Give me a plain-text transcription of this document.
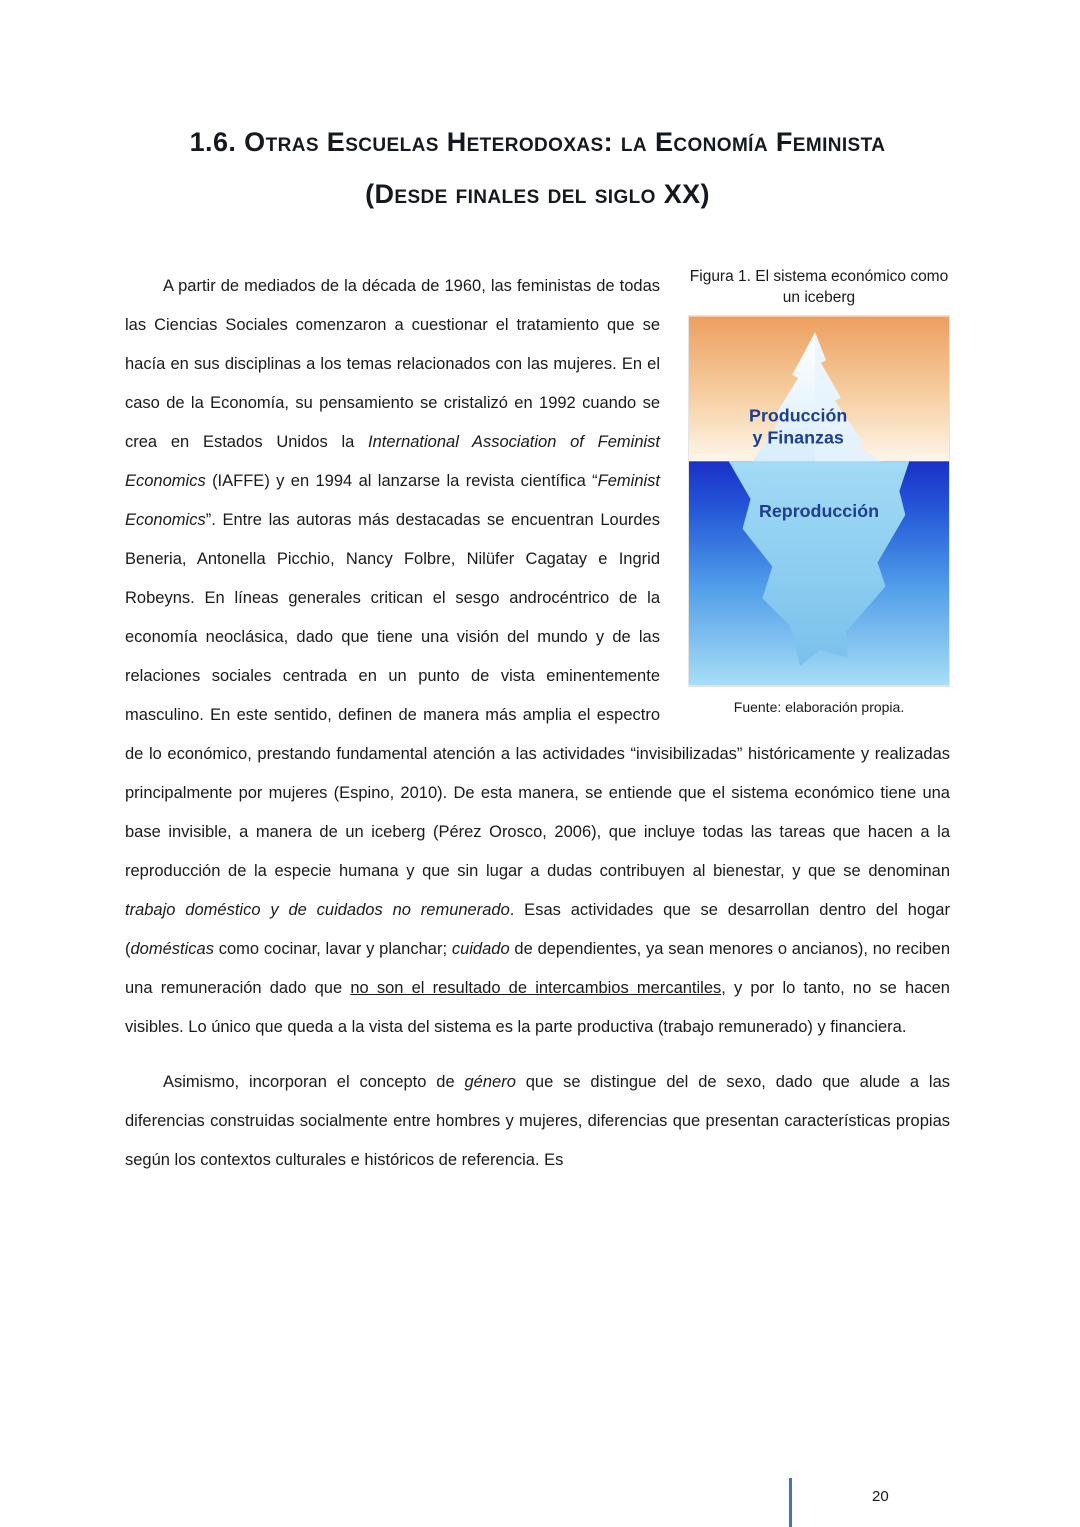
1.6. Otras Escuelas Heterodoxas: la Economía Feminista
(Desde finales del siglo XX)
Figura 1. El sistema económico como un iceberg
Producción
y Finanzas
Reproducción
Fuente: elaboración propia.

A partir de mediados de la década de 1960, las feministas de todas las Ciencias Sociales comenzaron a cuestionar el tratamiento que se hacía en sus disciplinas a los temas relacionados con las mujeres. En el caso de la Economía, su pensamiento se cristalizó en 1992 cuando se crea en Estados Unidos la International Association of Feminist Economics (IAFFE) y en 1994 al lanzarse la revista científica “Feminist Economics”. Entre las autoras más destacadas se encuentran Lourdes Beneria, Antonella Picchio, Nancy Folbre, Nilüfer Cagatay e Ingrid Robeyns. En líneas generales critican el sesgo androcéntrico de la economía neoclásica, dado que tiene una visión del mundo y de las relaciones sociales centrada en un punto de vista eminentemente masculino. En este sentido, definen de manera más amplia el espectro de lo económico, prestando fundamental atención a las actividades “invisibilizadas” históricamente y realizadas principalmente por mujeres (Espino, 2010). De esta manera, se entiende que el sistema económico tiene una base invisible, a manera de un iceberg (Pérez Orosco, 2006), que incluye todas las tareas que hacen a la reproducción de la especie humana y que sin lugar a dudas contribuyen al bienestar, y que se denominan trabajo doméstico y de cuidados no remunerado. Esas actividades que se desarrollan dentro del hogar (domésticas como cocinar, lavar y planchar; cuidado de dependientes, ya sean menores o ancianos), no reciben una remuneración dado que no son el resultado de intercambios mercantiles, y por lo tanto, no se hacen visibles. Lo único que queda a la vista del sistema es la parte productiva (trabajo remunerado) y financiera.

Asimismo, incorporan el concepto de género que se distingue del de sexo, dado que alude a las diferencias construidas socialmente entre hombres y mujeres, diferencias que presentan características propias según los contextos culturales e históricos de referencia. Es

20
